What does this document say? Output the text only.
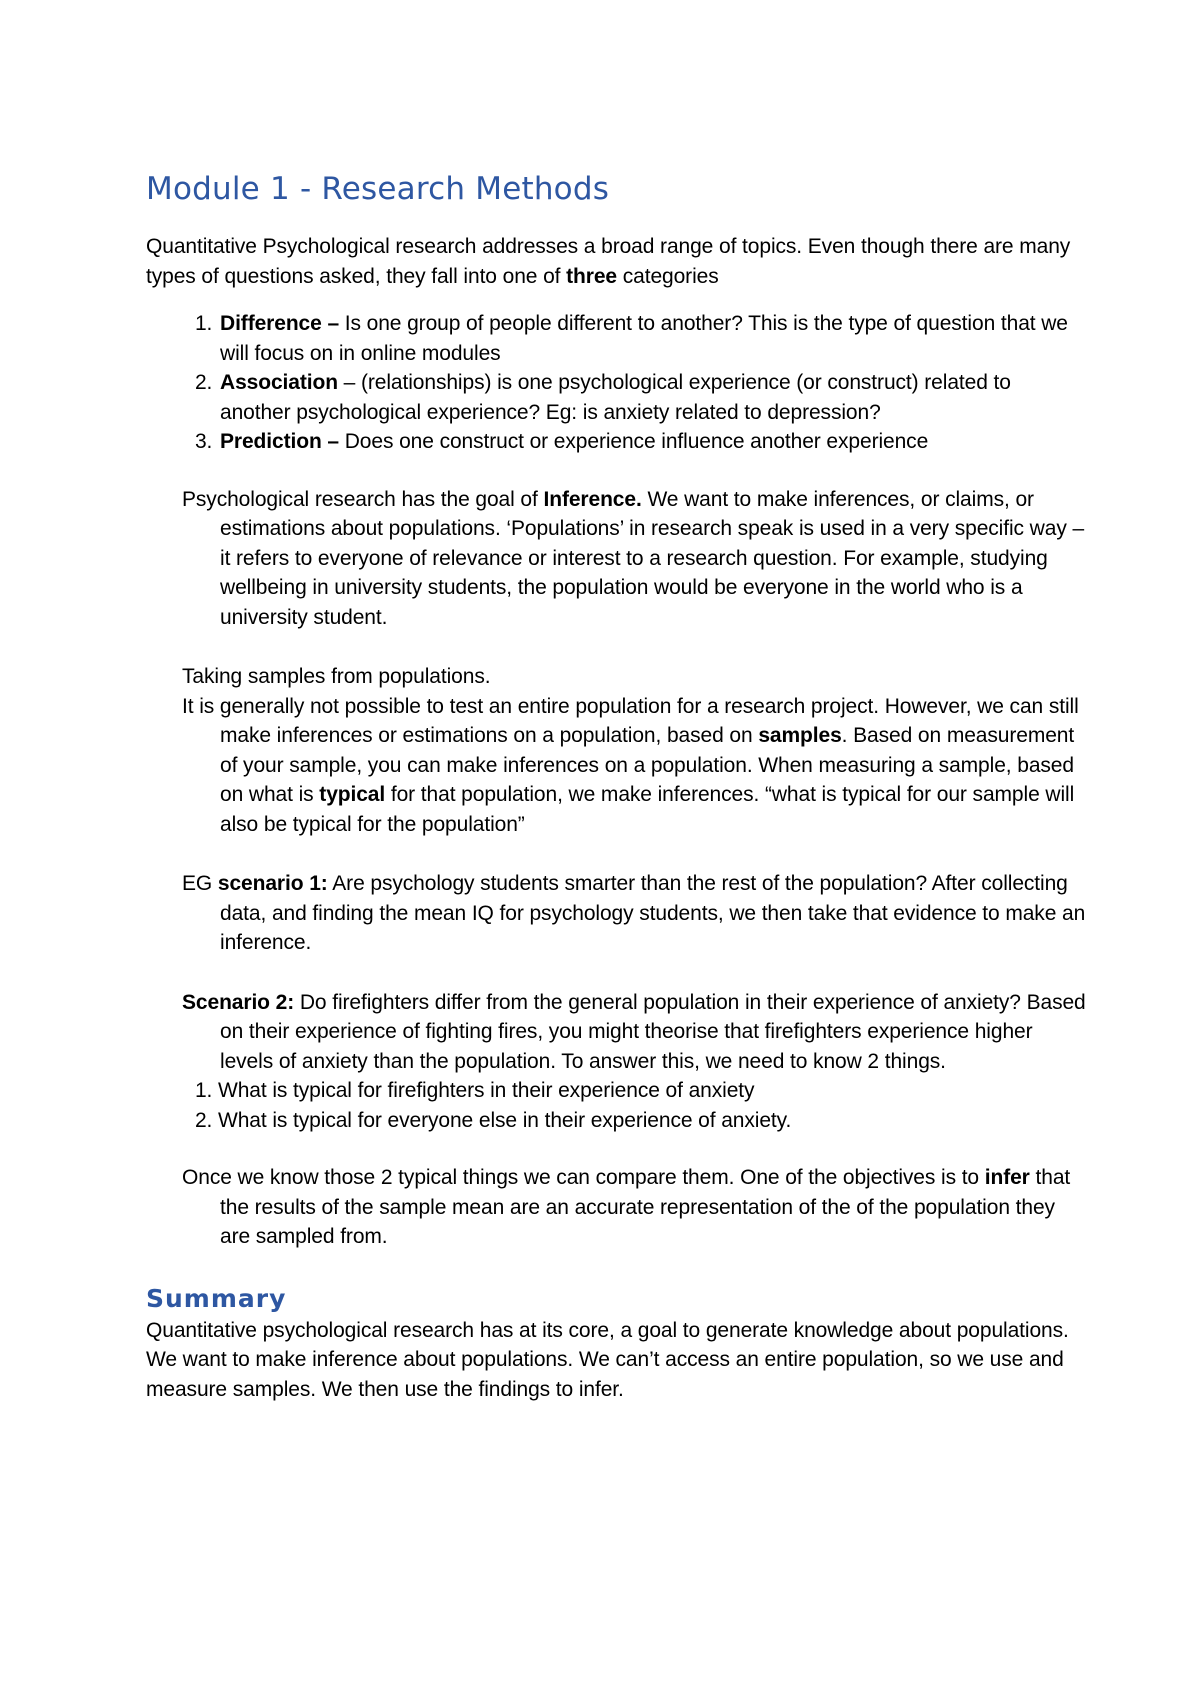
Module 1 - Research Methods

Quantitative Psychological research addresses a broad range of topics. Even though there are many types of questions asked, they fall into one of three categories

1. Difference – Is one group of people different to another? This is the type of question that we will focus on in online modules
2. Association – (relationships) is one psychological experience (or construct) related to another psychological experience? Eg: is anxiety related to depression?
3. Prediction – Does one construct or experience influence another experience

Psychological research has the goal of Inference. We want to make inferences, or claims, or estimations about populations. ‘Populations’ in research speak is used in a very specific way – it refers to everyone of relevance or interest to a research question. For example, studying wellbeing in university students, the population would be everyone in the world who is a university student.

Taking samples from populations.

It is generally not possible to test an entire population for a research project. However, we can still make inferences or estimations on a population, based on samples. Based on measurement of your sample, you can make inferences on a population. When measuring a sample, based on what is typical for that population, we make inferences. “what is typical for our sample will also be typical for the population”

EG scenario 1: Are psychology students smarter than the rest of the population? After collecting data, and finding the mean IQ for psychology students, we then take that evidence to make an inference.

Scenario 2: Do firefighters differ from the general population in their experience of anxiety? Based on their experience of fighting fires, you might theorise that firefighters experience higher levels of anxiety than the population. To answer this, we need to know 2 things.

1. What is typical for firefighters in their experience of anxiety
2. What is typical for everyone else in their experience of anxiety.

Once we know those 2 typical things we can compare them. One of the objectives is to infer that the results of the sample mean are an accurate representation of the of the population they are sampled from.

Summary

Quantitative psychological research has at its core, a goal to generate knowledge about populations. We want to make inference about populations. We can’t access an entire population, so we use and measure samples. We then use the findings to infer.
